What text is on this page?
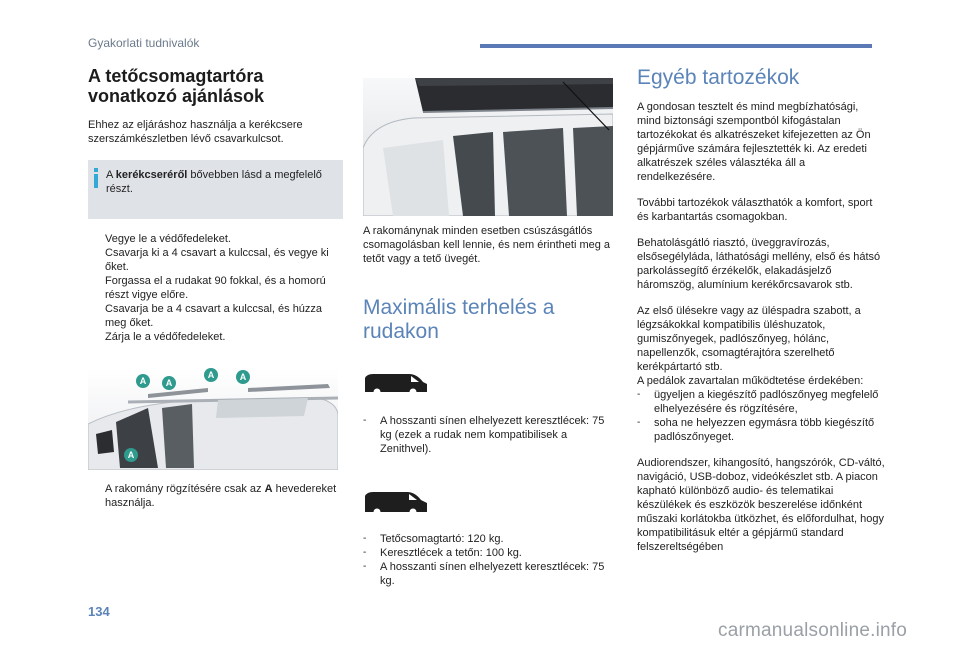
Gyakorlati tudnivalók
A tetőcsomagtartóra
vonatkozó ajánlások

Ehhez az eljáráshoz használja a kerékcsere szerszámkészletben lévő csavarkulcsot.

A kerékcseréről bővebben lásd a megfelelő részt.
Vegye le a védőfedeleket.
Csavarja ki a 4 csavart a kulccsal, és vegye ki őket.
Forgassa el a rudakat 90 fokkal, és a homorú részt vigye előre.
Csavarja be a 4 csavart a kulccsal, és húzza meg őket.
Zárja le a védőfedeleket.
A	A
A	A
A
A rakomány rögzítésére csak az A hevedereket használja.

A rakománynak minden esetben csúszásgátlós csomagolásban kell lennie, és nem érintheti meg a tetőt vagy a tető üvegét.

Maximális terhelés a
rudakon
- A hosszanti sínen elhelyezett keresztlécek: 75 kg (ezek a rudak nem kompatibilisek a Zenithvel).
- Tetőcsomagtartó: 120 kg.
- Keresztlécek a tetőn: 100 kg.
- A hosszanti sínen elhelyezett keresztlécek: 75 kg.
Egyéb tartozékok

A gondosan tesztelt és mind megbízhatósági, mind biztonsági szempontból kifogástalan tartozékokat és alkatrészeket kifejezetten az Ön gépjárműve számára fejlesztették ki. Az eredeti alkatrészek széles választéka áll a rendelkezésére.

További tartozékok választhatók a komfort, sport és karbantartás csomagokban.

Behatolásgátló riasztó, üveggravírozás, elsősegélyláda, láthatósági mellény, első és hátsó parkolássegítő érzékelők, elakadásjelző háromszög, alumínium kerékőrcsavarok stb.

Az első ülésekre vagy az üléspadra szabott, a légzsákokkal kompatibilis üléshuzatok, gumiszőnyegek, padlószőnyeg, hólánc, napellenzők, csomagtérajtóra szerelhető kerékpártartó stb.

A pedálok zavartalan működtetése érdekében:

- ügyeljen a kiegészítő padlószőnyeg megfelelő elhelyezésére és rögzítésére,
- soha ne helyezzen egymásra több kiegészítő padlószőnyeget.

Audiorendszer, kihangosító, hangszórók, CD-váltó, navigáció, USB-doboz, videókészlet stb. A piacon kapható különböző audio- és telematikai készülékek és eszközök beszerelése időnként műszaki korlátokba ütközhet, és előfordulhat, hogy kompatibilitásuk eltér a gépjármű standard felszereltségében

134
carmanualsonline.info
